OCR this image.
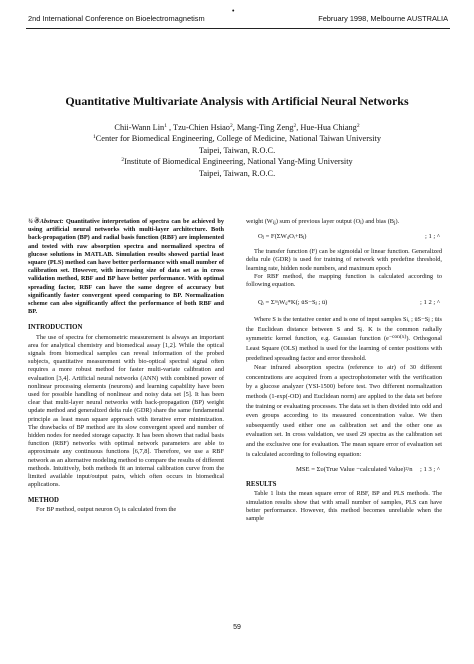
•
2nd International Conference on Bioelectromagnetism	February 1998, Melbourne AUSTRALIA
Quantitative Multivariate Analysis with Artificial Neural Networks
Chii-Wann Lin$^1$ , Tzu-Chien Hsiao$^2$, Mang-Ting Zeng$^2$, Hue-Hua Chiang$^2$
$^1$Center for Biomedical Engineering, College of Medicine, National Taiwan University
Taipei, Taiwan, R.O.C.
$^2$Institute of Biomedical Engineering, National Yang-Ming University
Taipei, Taiwan, R.O.C.

¾☃Abstract: Quantitative interpretation of spectra can be achieved by using artificial neural networks with multi-layer architecture. Both back-propagation (BP) and radial basis function (RBF) are implemented and tested with raw absorption spectra and normalized spectra of glucose solutions in MATLAB. Simulation results showed partial least square (PLS) method can have better performance with small number of calibration set. However, with increasing size of data set as in cross validation method, RBF and BP have better performance. With optimal spreading factor, RBF can have the same degree of accuracy but significantly faster convergent speed comparing to BP. Normalization scheme can also significantly affect the performance of both RBF and BP.

INTRODUCTION

The use of spectra for chemometric measurement is always an important area for analytical chemistry and biomedical assay [1,2]. While the optical signals from biomedical samples can reveal information of the probed subjects, quantitative measurement with bio-optical spectral signal often requires a more robust method for faster multi-variate calibration and evaluation [3,4]. Artificial neural networks (ANN) with combined power of nonlinear processing elements (neurons) and learning capability have been used for possible handling of nonlinear and noisy data set [5]. It has been clear that multi-layer neural networks with back-propagation (BP) weight update method and generalized delta rule (GDR) share the same fundamental principle as least mean square approach with iterative error minimization. The drawbacks of BP method are its slow convergent speed and number of hidden nodes for needed storage capacity. It has been shown that radial basis function (RBF) networks with optimal network parameters are able to approximate any continuous functions [6,7,8]. Therefore, we use a RBF network as an alternative modeling method to compare the results of different methods. Intuitively, both methods fit an internal calibration curve from the limited available input/output pairs, which often occurs in biomedical applications.

METHOD

For BP method, output neuron $O_j$ is calculated from the

weight $(W_{ij})$ sum of previous layer output $(O_i)$ and bias $(B_j)$.

Oⱼ = F(ΣWᵢⱼOᵢ+Bⱼ)	; 1 ; ^

The transfer function (F) can be sigmoidal or linear function. Generalized delta rule (GDR) is used for training of network with predefine threshold, learning rate, hidden node numbers, and maximum epoch

For RBF method, the mapping function is calculated according to following equation.

Qᵢ = ΣᵐⱼWᵢⱼ*K(; üS−Sⱼ ; ü)	; 1 2 ; ^

Where S is the tentative center and is one of input samples $S_i$, ; $üS-S_j$ ; üis the Euclidean distance between S and $S_j$. K is the common radially symmetric kernel function, e.g. Gaussian function $(e^{-con(x)})$. Orthogonal Least Square (OLS) method is used for the learning of center positions with predefined spreading factor and error threshold.

Near infrared absorption spectra (reference to air) of 30 different concentrations are acquired from a spectrophotometer with the verification by a glucose analyzer (YSI-1500) before test. Two different normalization methods (1-exp(-OD) and Euclidean norm) are applied to the data set before the training or evaluating processes. The data set is then divided into odd and even groups according to its measured concentration value. We then subsequently used either one as calibration set and the other one as evaluation set. In cross validation, we used 29 spectra as the calibration set and the exclusive one for evaluation. The mean square error of evaluation set is calculated according to following equation:

MSE = Συ(True Value −calculated Value)²/n ; 1 3 ; ^
RESULTS

Table 1 lists the mean square error of RBF, BP and PLS methods. The simulation results show that with small number of samples, PLS can have better performance. However, this method becomes unreliable when the sample

59
